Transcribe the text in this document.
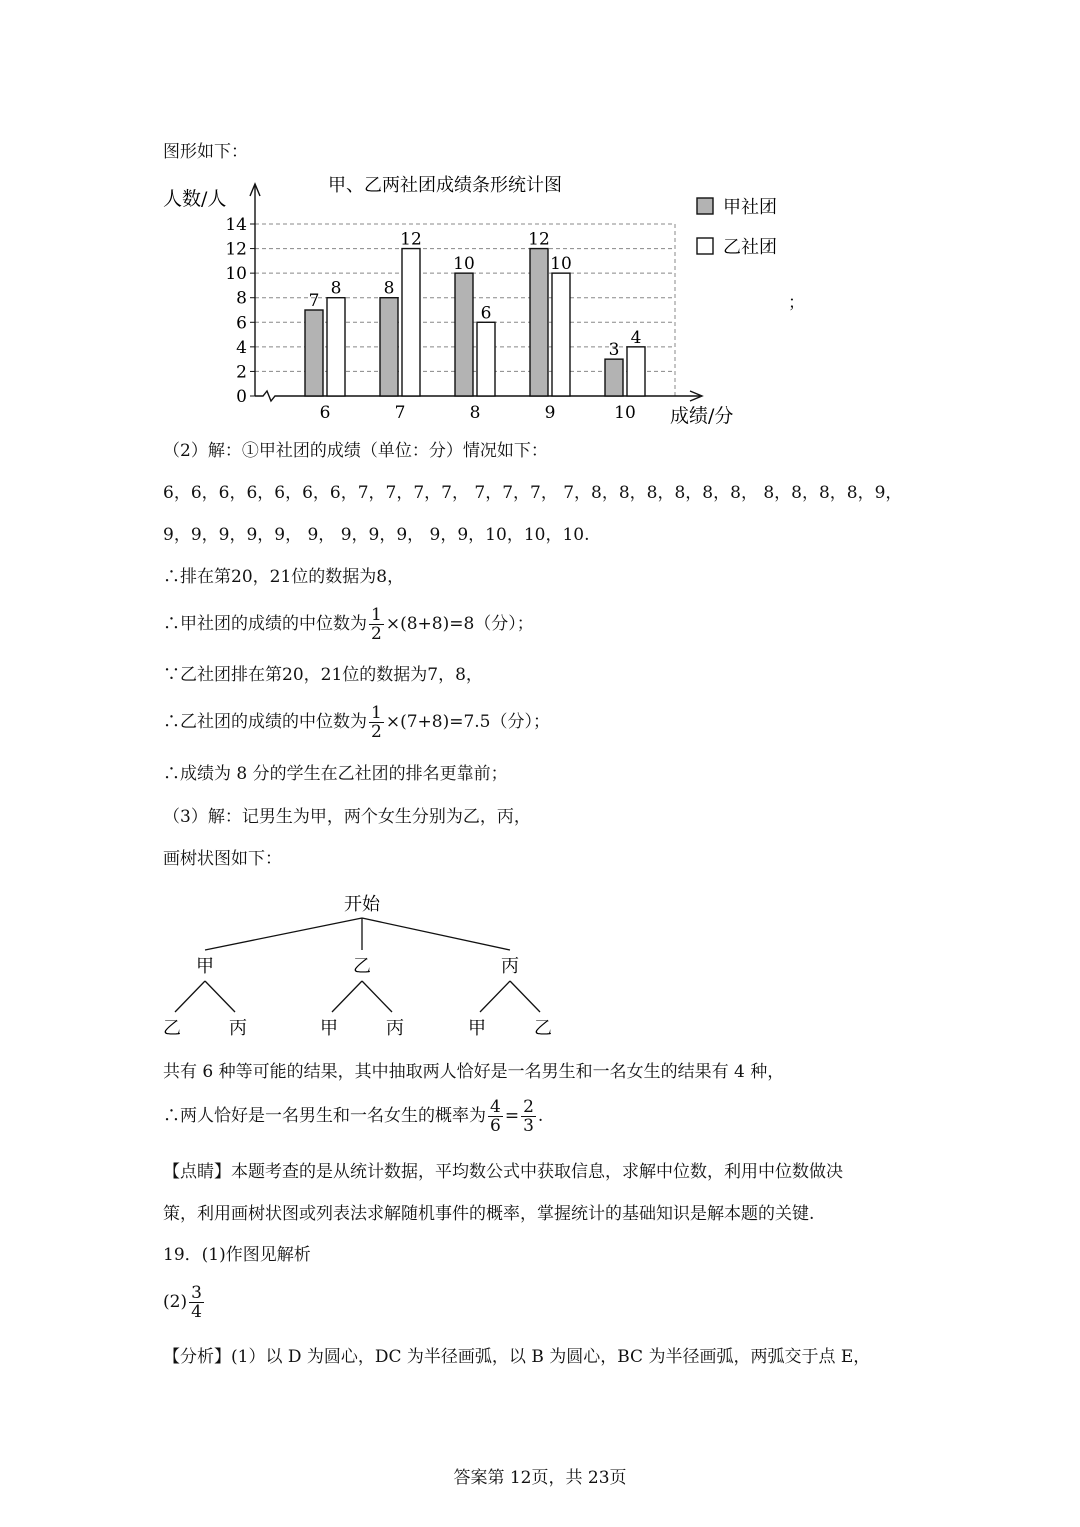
图形如下：
0
2
4
6
8
10
12
14
7
8
6
8
12
7
10
6
8
12
10
9
3
4
10
甲、乙两社团成绩条形统计图
人数/人
成绩/分
甲社团
乙社团
；
（2）解：①甲社团的成绩（单位：分）情况如下：
6，6，6，6，6，6，6，7，7，7，7， 7，7，7， 7，8，8，8，8，8，8， 8，8，8，8，9，
9，9，9，9，9， 9， 9，9，9， 9，9，10，10，10.
∴排在第20，21位的数据为8，
∴甲社团的成绩的中位数为 $\frac{1}{2} \times(8+8)=8$（分）；
∵乙社团排在第20，21位的数据为7，8，
∴乙社团的成绩的中位数为 $\frac{1}{2} \times(7+8)=7.5$（分）；
∴成绩为 8 分的学生在乙社团的排名更靠前；
（3）解：记男生为甲，两个女生分别为乙，丙，
画树状图如下：
开始
甲
乙	丙
乙
甲	丙
丙
甲	乙
共有 6 种等可能的结果，其中抽取两人恰好是一名男生和一名女生的结果有 4 种，
∴两人恰好是一名男生和一名女生的概率为 $\frac{4}{6} = \frac{2}{3}$ .
【点睛】本题考查的是从统计数据，平均数公式中获取信息，求解中位数，利用中位数做决
策，利用画树状图或列表法求解随机事件的概率，掌握统计的基础知识是解本题的关键.
19．(1)作图见解析
$(2) \frac{3}{4}$
【分析】(1）以 D 为圆心，DC 为半径画弧，以 B 为圆心，BC 为半径画弧，两弧交于点 E，
答案第 12页，共 23页
